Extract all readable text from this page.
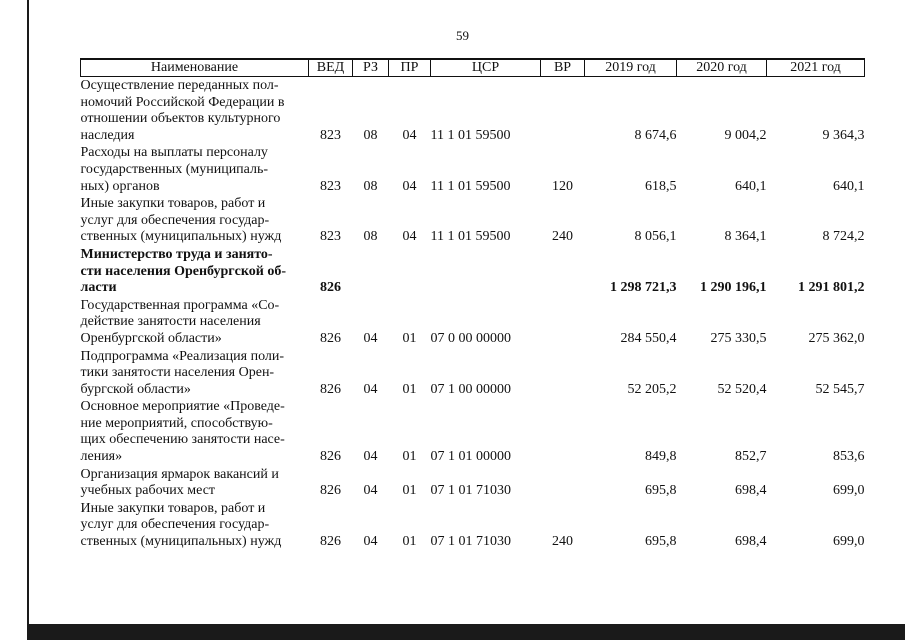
59
Наименование	ВЕД	РЗ	ПР	ЦСР	ВР	2019 год	2020 год	2021 год
Осуществление переданных пол-
номочий Российской Федерации в
отношении объектов культурного
наследия	823	08	04	11 1 01 59500		8 674,6	9 004,2	9 364,3
Расходы на выплаты персоналу
государственных (муниципаль-
ных) органов	823	08	04	11 1 01 59500	120	618,5	640,1	640,1
Иные закупки товаров, работ и
услуг для обеспечения государ-
ственных (муниципальных) нужд	823	08	04	11 1 01 59500	240	8 056,1	8 364,1	8 724,2
Министерство труда и занято-
сти населения Оренбургской об-
ласти	826					1 298 721,3	1 290 196,1	1 291 801,2
Государственная программа «Со-
действие занятости населения
Оренбургской области»	826	04	01	07 0 00 00000		284 550,4	275 330,5	275 362,0
Подпрограмма «Реализация поли-
тики занятости населения Орен-
бургской области»	826	04	01	07 1 00 00000		52 205,2	52 520,4	52 545,7
Основное мероприятие «Проведе-
ние мероприятий, способствую-
щих обеспечению занятости насе-
ления»	826	04	01	07 1 01 00000		849,8	852,7	853,6
Организация ярмарок вакансий и
учебных рабочих мест	826	04	01	07 1 01 71030		695,8	698,4	699,0
Иные закупки товаров, работ и
услуг для обеспечения государ-
ственных (муниципальных) нужд	826	04	01	07 1 01 71030	240	695,8	698,4	699,0
